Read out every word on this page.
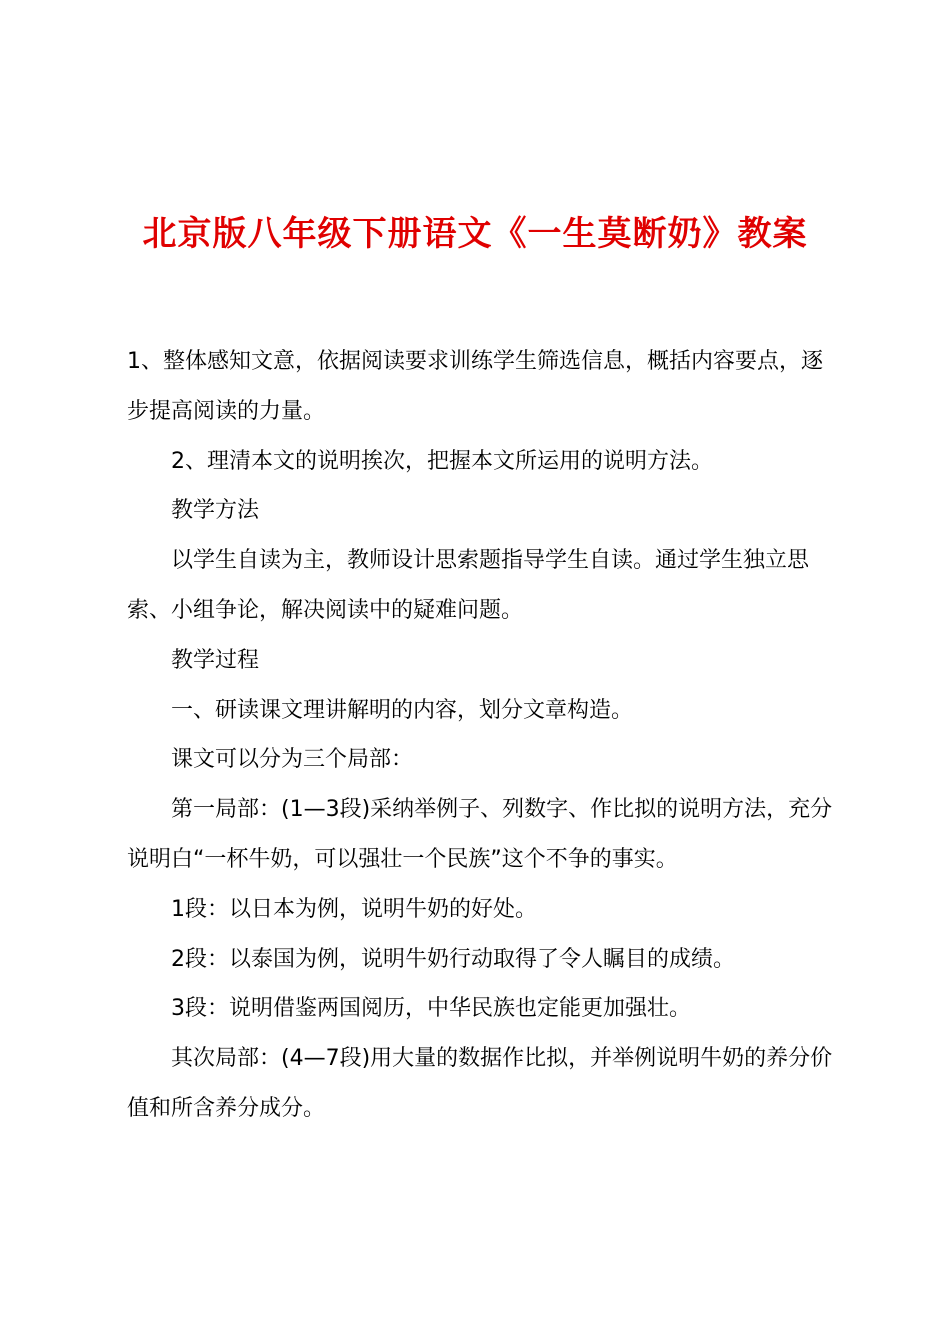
北京版八年级下册语文《一生莫断奶》教案

1、整体感知文意，依据阅读要求训练学生筛选信息，概括内容要点，逐步提高阅读的力量。

2、理清本文的说明挨次，把握本文所运用的说明方法。

教学方法

以学生自读为主，教师设计思索题指导学生自读。通过学生独立思索、小组争论，解决阅读中的疑难问题。

教学过程

一、研读课文理讲解明的内容，划分文章构造。

课文可以分为三个局部：

第一局部：(1—3段)采纳举例子、列数字、作比拟的说明方法，充分说明白“一杯牛奶，可以强壮一个民族”这个不争的事实。

1段：以日本为例，说明牛奶的好处。

2段：以泰国为例，说明牛奶行动取得了令人瞩目的成绩。

3段：说明借鉴两国阅历，中华民族也定能更加强壮。

其次局部：(4—7段)用大量的数据作比拟，并举例说明牛奶的养分价值和所含养分成分。
